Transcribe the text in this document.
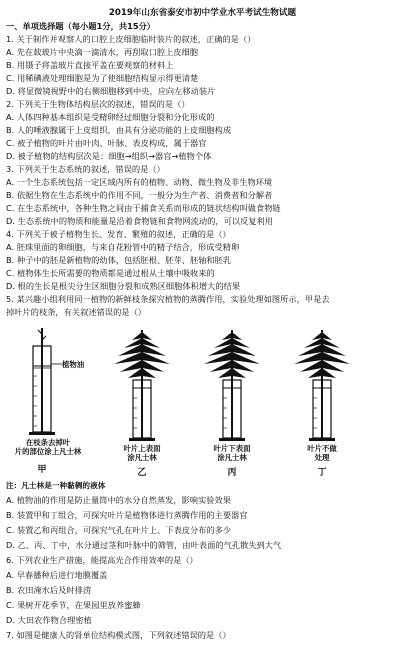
2019年山东省泰安市初中学业水平考试生物试题
一、单项选择题（每小题1分，共15分）
1. 关于制作并观察人的口腔上皮细胞临时装片的叙述，正确的是（）
A. 先在载玻片中央滴一滴清水，再刮取口腔上皮细胞
B. 用镊子将盖玻片直接平盖在要观察的材料上
C. 用稀碘液处理细胞是为了使细胞结构显示得更清楚
D. 将显微镜视野中的右侧细胞移到中央，应向左移动装片
2. 下列关于生物体结构层次的叙述，错误的是（）
A. 人体四种基本组织是受精卵经过细胞分裂和分化形成的
B. 人的唾液腺属于上皮组织，由具有分泌功能的上皮细胞构成
C. 被子植物的叶片由叶肉、叶脉、表皮构成，属于器官
D. 被子植物的结构层次是：细胞→组织→器官→植物个体
3. 下列关于生态系统的叙述，错误的是（）
A. 一个生态系统包括一定区域内所有的植物、动物、微生物及非生物环境
B. 依据生物在生态系统中的作用不同，一般分为生产者、消费者和分解者
C. 在生态系统中，各种生物之间由于捕食关系而形成的链状结构叫做食物链
D. 生态系统中的物质和能量是沿着食物链和食物网流动的，可以反复利用
4. 下列关于被子植物生长、发育、繁殖的叙述，正确的是（）
A. 胚珠里面的卵细胞，与来自花粉管中的精子结合，形成受精卵
B. 种子中的胚是新植物的幼体，包括胚根、胚芽、胚轴和胚乳
C. 植物体生长所需要的物质都是通过根从土壤中吸收来的
D. 根的生长是根尖分生区细胞分裂和成熟区细胞体积增大的结果
5. 某兴趣小组利用同一植物的新鲜枝条探究植物的蒸腾作用，实验处理如图所示，甲是去
掉叶片的枝条，有关叙述错误的是（）
植物油
在枝条去掉叶
片的部位涂上凡士林
甲
叶片上表面
涂凡士林
乙
叶片下表面
涂凡士林
丙
叶片不做
处理
丁
注：凡士林是一种黏稠的液体
A. 植物油的作用是防止量筒中的水分自然蒸发，影响实验效果
B. 装置甲和丁组合，可探究叶片是植物体进行蒸腾作用的主要器官
C. 装置乙和丙组合，可探究气孔在叶片上、下表皮分布的多少
D. 乙、丙、丁中，水分通过茎和叶脉中的筛管，由叶表面的气孔散失到大气
6. 下列农业生产措施，能提高光合作用效率的是（）
A. 早春播种后进行地膜覆盖
B. 农田淹水后及时排涝
C. 果树开花季节，在果园里放养蜜蜂
D. 大田农作物合理密植
7. 如图是健康人的肾单位结构模式图，下列叙述错误的是（）
